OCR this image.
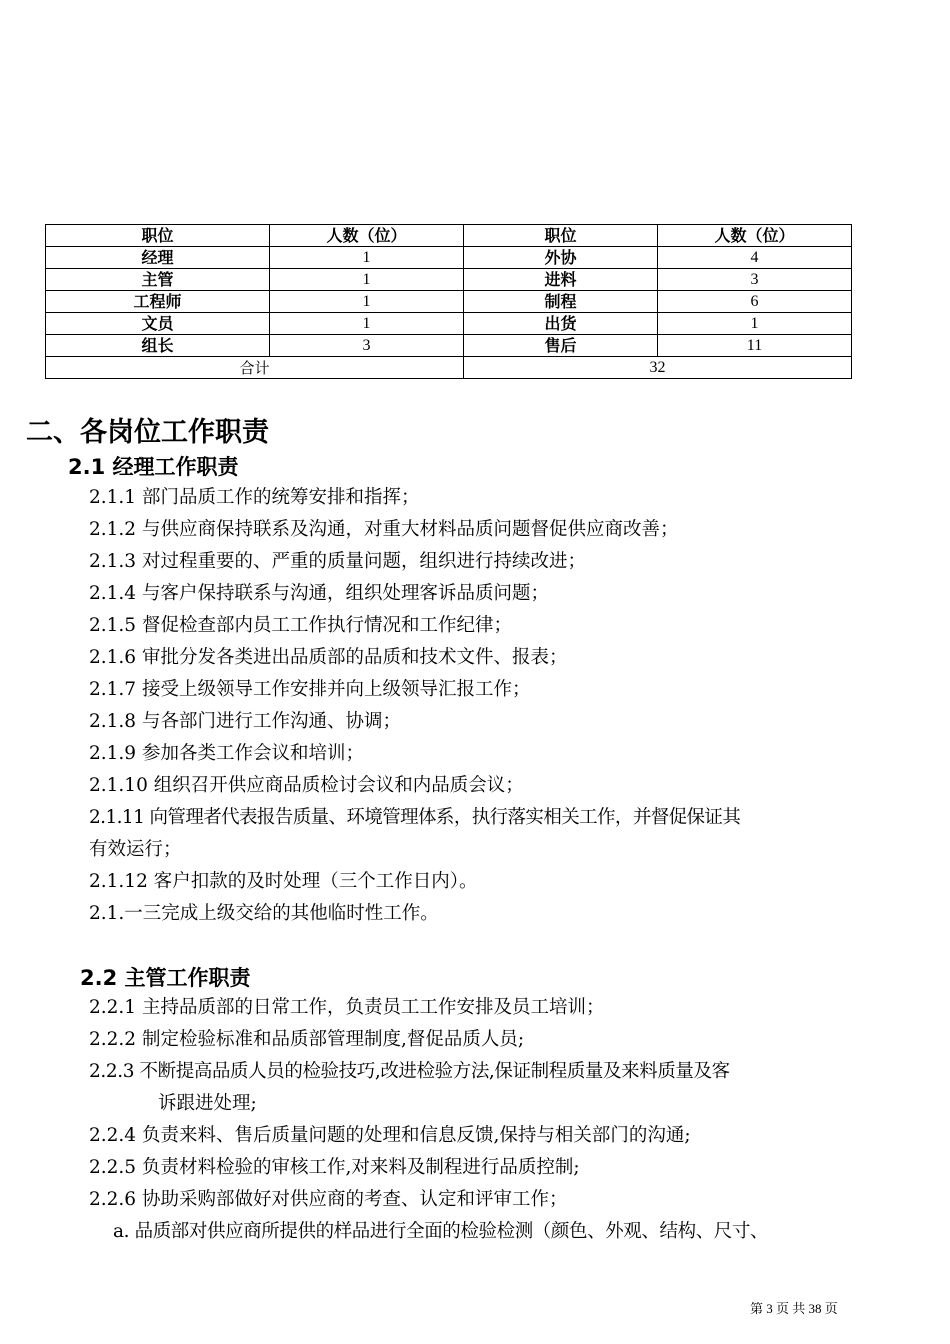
职位	人数（位）	职位	人数（位）
经理	1	外协	4
主管	1	进料	3
工程师	1	制程	6
文员	1	出货	1
组长	3	售后	11
合计		32	
二、各岗位工作职责
2.1 经理工作职责
2.1.1 部门品质工作的统筹安排和指挥；
2.1.2 与供应商保持联系及沟通，对重大材料品质问题督促供应商改善；
2.1.3 对过程重要的、严重的质量问题，组织进行持续改进；
2.1.4 与客户保持联系与沟通，组织处理客诉品质问题；
2.1.5 督促检查部内员工工作执行情况和工作纪律；
2.1.6 审批分发各类进出品质部的品质和技术文件、报表；
2.1.7 接受上级领导工作安排并向上级领导汇报工作；
2.1.8 与各部门进行工作沟通、协调；
2.1.9 参加各类工作会议和培训；
2.1.10 组织召开供应商品质检讨会议和内品质会议；
2.1.11 向管理者代表报告质量、环境管理体系，执行落实相关工作，并督促保证其
有效运行；
2.1.12 客户扣款的及时处理（三个工作日内）。
2.1.一三完成上级交给的其他临时性工作。
2.2 主管工作职责
2.2.1 主持品质部的日常工作，负责员工工作安排及员工培训；
2.2.2 制定检验标准和品质部管理制度,督促品质人员;
2.2.3 不断提高品质人员的检验技巧,改进检验方法,保证制程质量及来料质量及客
诉跟进处理;
2.2.4 负责来料、售后质量问题的处理和信息反馈,保持与相关部门的沟通;
2.2.5 负责材料检验的审核工作,对来料及制程进行品质控制;
2.2.6 协助采购部做好对供应商的考查、认定和评审工作；
a. 品质部对供应商所提供的样品进行全面的检验检测（颜色、外观、结构、尺寸、
第 3 页 共 38 页
